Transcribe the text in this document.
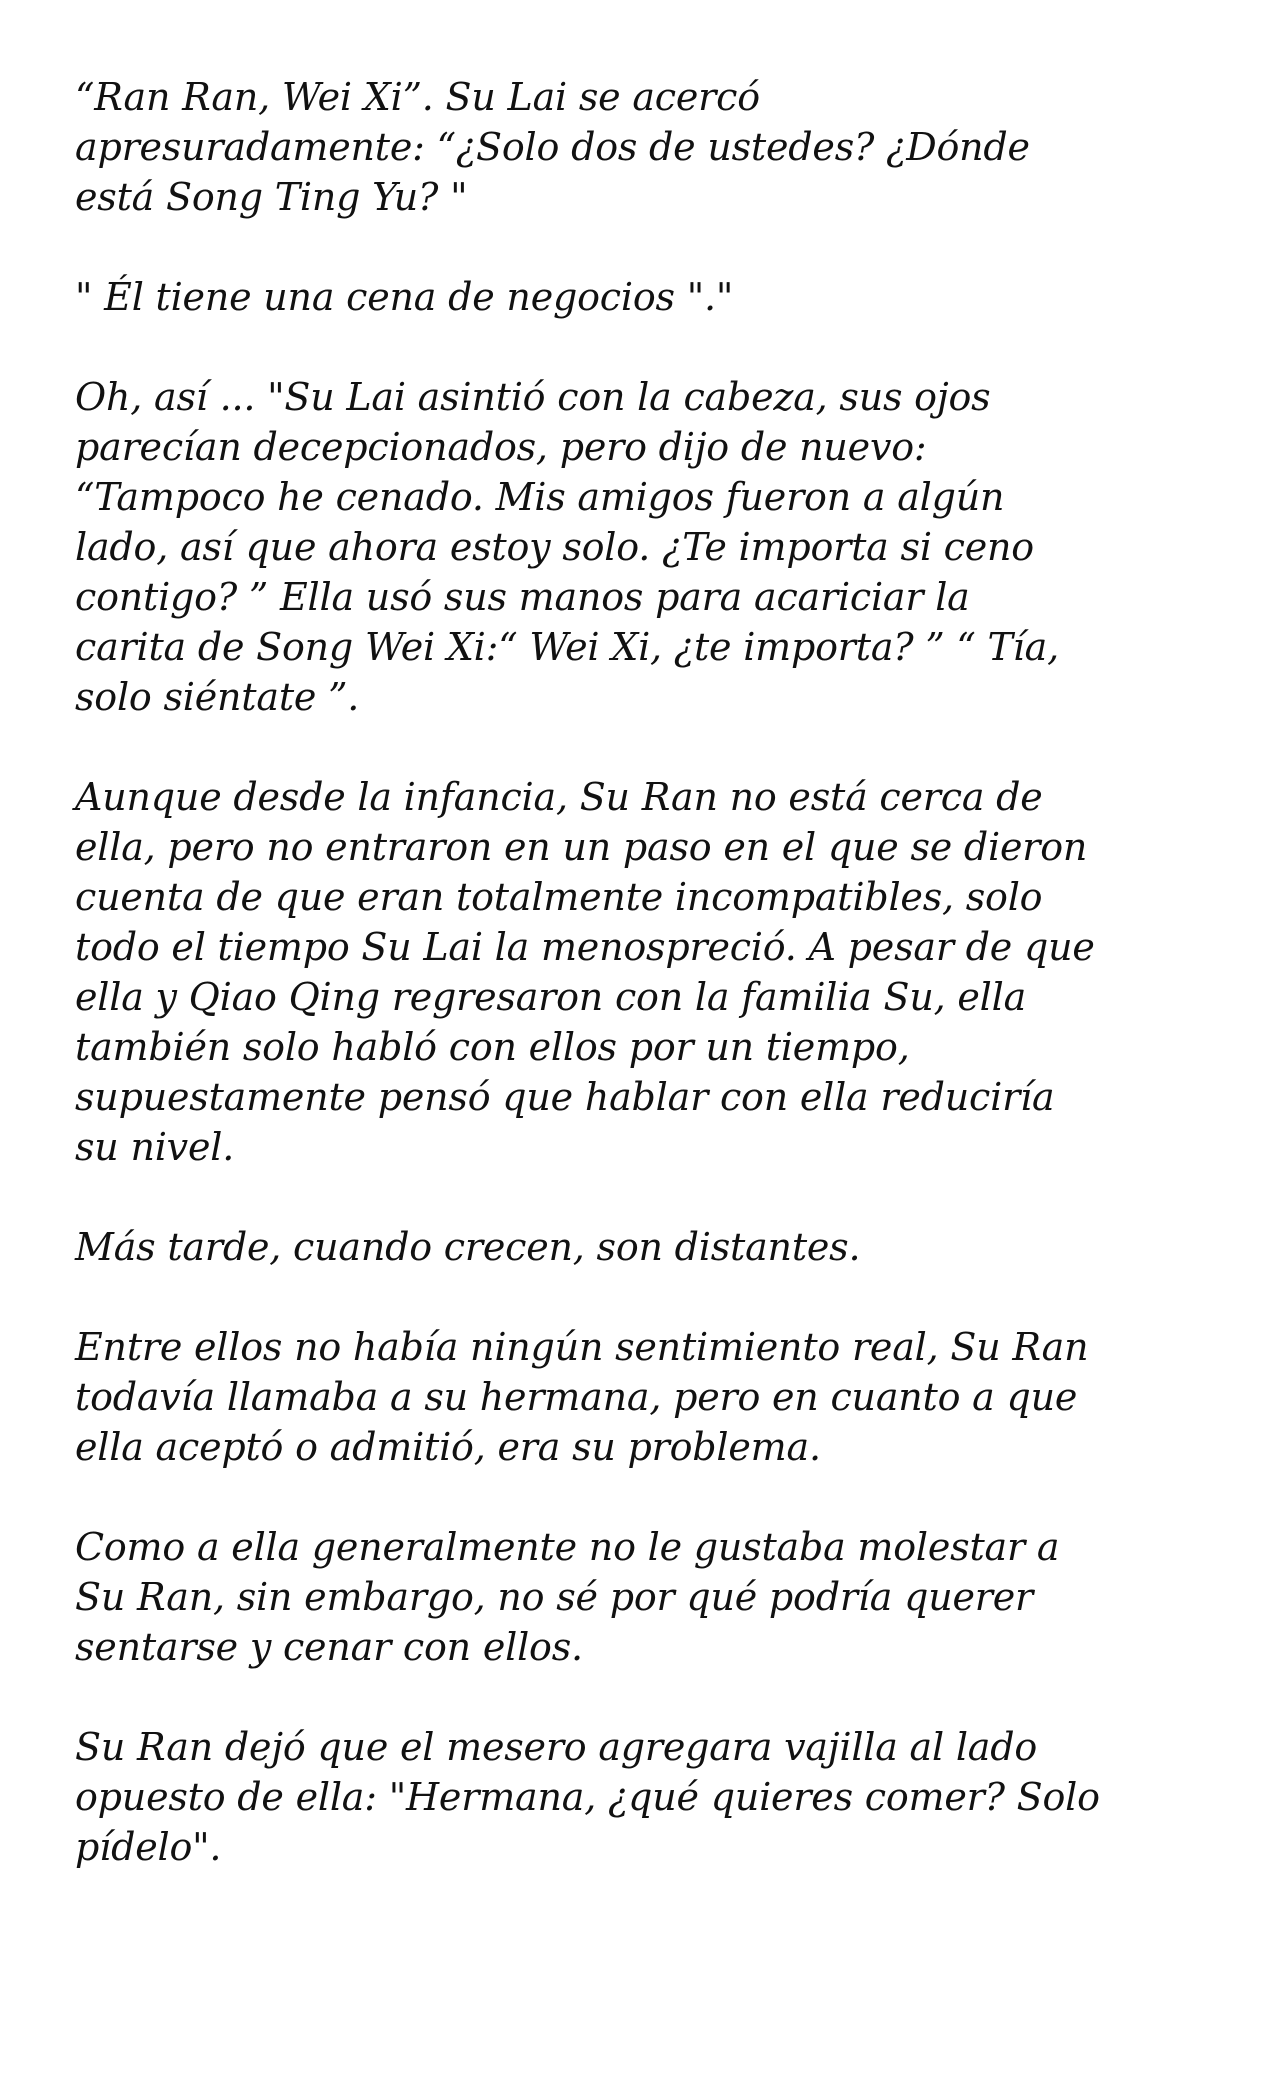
“Ran Ran, Wei Xi”. Su Lai se acercó
apresuradamente: “¿Solo dos de ustedes? ¿Dónde
está Song Ting Yu? "

" Él tiene una cena de negocios "."

Oh, así ... "Su Lai asintió con la cabeza, sus ojos
parecían decepcionados, pero dijo de nuevo:
“Tampoco he cenado. Mis amigos fueron a algún
lado, así que ahora estoy solo. ¿Te importa si ceno
contigo? ” Ella usó sus manos para acariciar la
carita de Song Wei Xi:“ Wei Xi, ¿te importa? ” “ Tía,
solo siéntate ”.

Aunque desde la infancia, Su Ran no está cerca de
ella, pero no entraron en un paso en el que se dieron
cuenta de que eran totalmente incompatibles, solo
todo el tiempo Su Lai la menospreció. A pesar de que
ella y Qiao Qing regresaron con la familia Su, ella
también solo habló con ellos por un tiempo,
supuestamente pensó que hablar con ella reduciría
su nivel.

Más tarde, cuando crecen, son distantes.

Entre ellos no había ningún sentimiento real, Su Ran
todavía llamaba a su hermana, pero en cuanto a que
ella aceptó o admitió, era su problema.

Como a ella generalmente no le gustaba molestar a
Su Ran, sin embargo, no sé por qué podría querer
sentarse y cenar con ellos.

Su Ran dejó que el mesero agregara vajilla al lado
opuesto de ella: "Hermana, ¿qué quieres comer? Solo
pídelo".
